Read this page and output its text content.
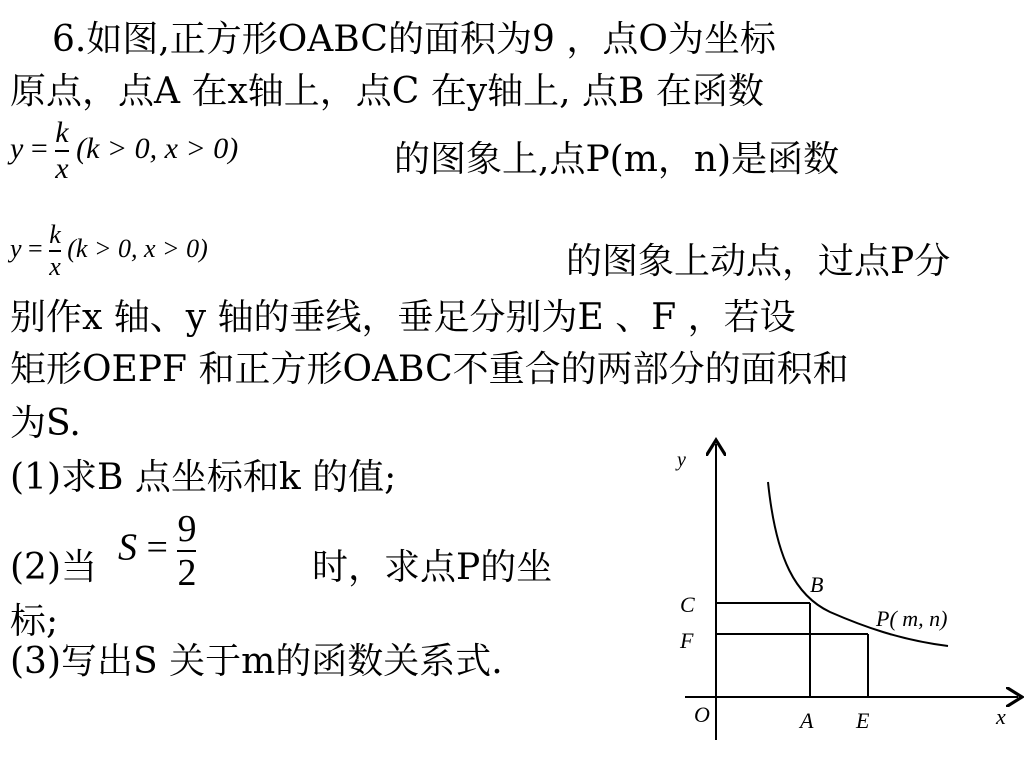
6.如图,正方形OABC的面积为9 ，点O为坐标
原点，点A 在x轴上，点C 在y轴上, 点B 在函数
$y = \frac{k}{x} (k > 0$, x > 0)	的图象上,点P(m，n)是函数
$y = \frac{k}{x} (k > 0$, x > 0)	的图象上动点，过点P分
别作x 轴、y 轴的垂线，垂足分别为E 、F ，若设
矩形OEPF 和正方形OABC不重合的两部分的面积和
为S.
(1)求B 点坐标和k 的值;
(2)当 $S = \frac{9}{2}$	时，求点P的坐
标;
(3)写出S 关于m的函数关系式.
y
x
O
C
F
A E
B
P( m, n)
